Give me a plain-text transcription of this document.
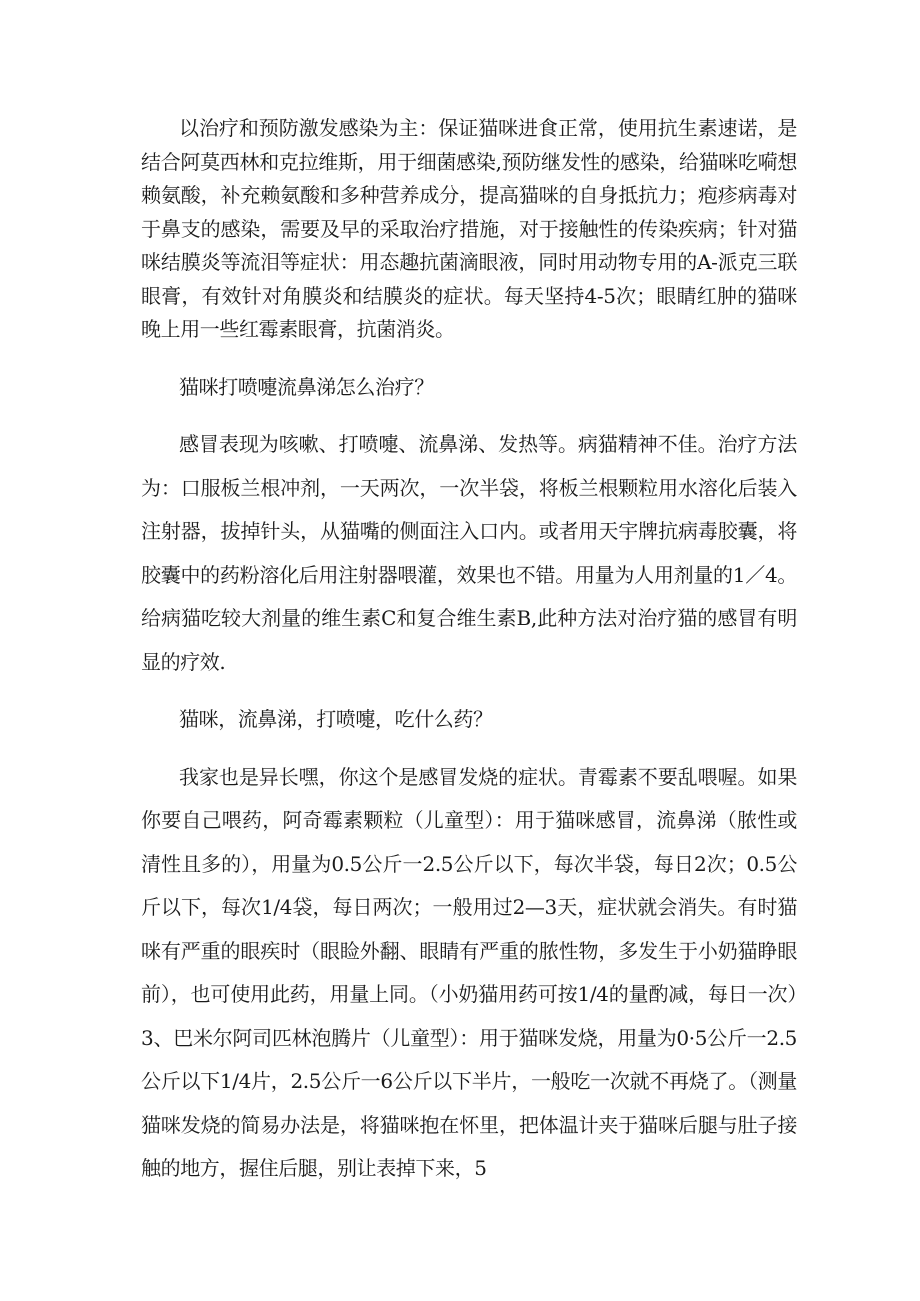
以治疗和预防激发感染为主：保证猫咪进食正常，使用抗生素速诺，是结合阿莫西林和克拉维斯，用于细菌感染,预防继发性的感染，给猫咪吃嗬想赖氨酸，补充赖氨酸和多种营养成分，提高猫咪的自身抵抗力；疱疹病毒对于鼻支的感染，需要及早的采取治疗措施，对于接触性的传染疾病；针对猫咪结膜炎等流泪等症状：用态趣抗菌滴眼液，同时用动物专用的A-派克三联眼膏，有效针对角膜炎和结膜炎的症状。每天坚持4-5次；眼睛红肿的猫咪晚上用一些红霉素眼膏，抗菌消炎。

猫咪打喷嚏流鼻涕怎么治疗？

感冒表现为咳嗽、打喷嚏、流鼻涕、发热等。病猫精神不佳。治疗方法为：口服板兰根冲剂，一天两次，一次半袋，将板兰根颗粒用水溶化后装入注射器，拔掉针头，从猫嘴的侧面注入口内。或者用天宇牌抗病毒胶囊，将胶囊中的药粉溶化后用注射器喂灌，效果也不错。用量为人用剂量的1／4。给病猫吃较大剂量的维生素C和复合维生素B,此种方法对治疗猫的感冒有明显的疗效.

猫咪，流鼻涕，打喷嚏，吃什么药？

我家也是异长嘿，你这个是感冒发烧的症状。青霉素不要乱喂喔。如果你要自己喂药，阿奇霉素颗粒（儿童型）：用于猫咪感冒，流鼻涕（脓性或清性且多的），用量为0.5公斤一2.5公斤以下，每次半袋，每日2次；0.5公斤以下，每次1/4袋，每日两次；一般用过2—3天，症状就会消失。有时猫咪有严重的眼疾时（眼睑外翻、眼睛有严重的脓性物，多发生于小奶猫睁眼前），也可使用此药，用量上同。（小奶猫用药可按1/4的量酌减，每日一次）3、巴米尔阿司匹林泡腾片（儿童型）：用于猫咪发烧，用量为0·5公斤一2.5公斤以下1/4片，2.5公斤一6公斤以下半片，一般吃一次就不再烧了。（测量猫咪发烧的简易办法是，将猫咪抱在怀里，把体温计夹于猫咪后腿与肚子接触的地方，握住后腿，别让表掉下来，5
